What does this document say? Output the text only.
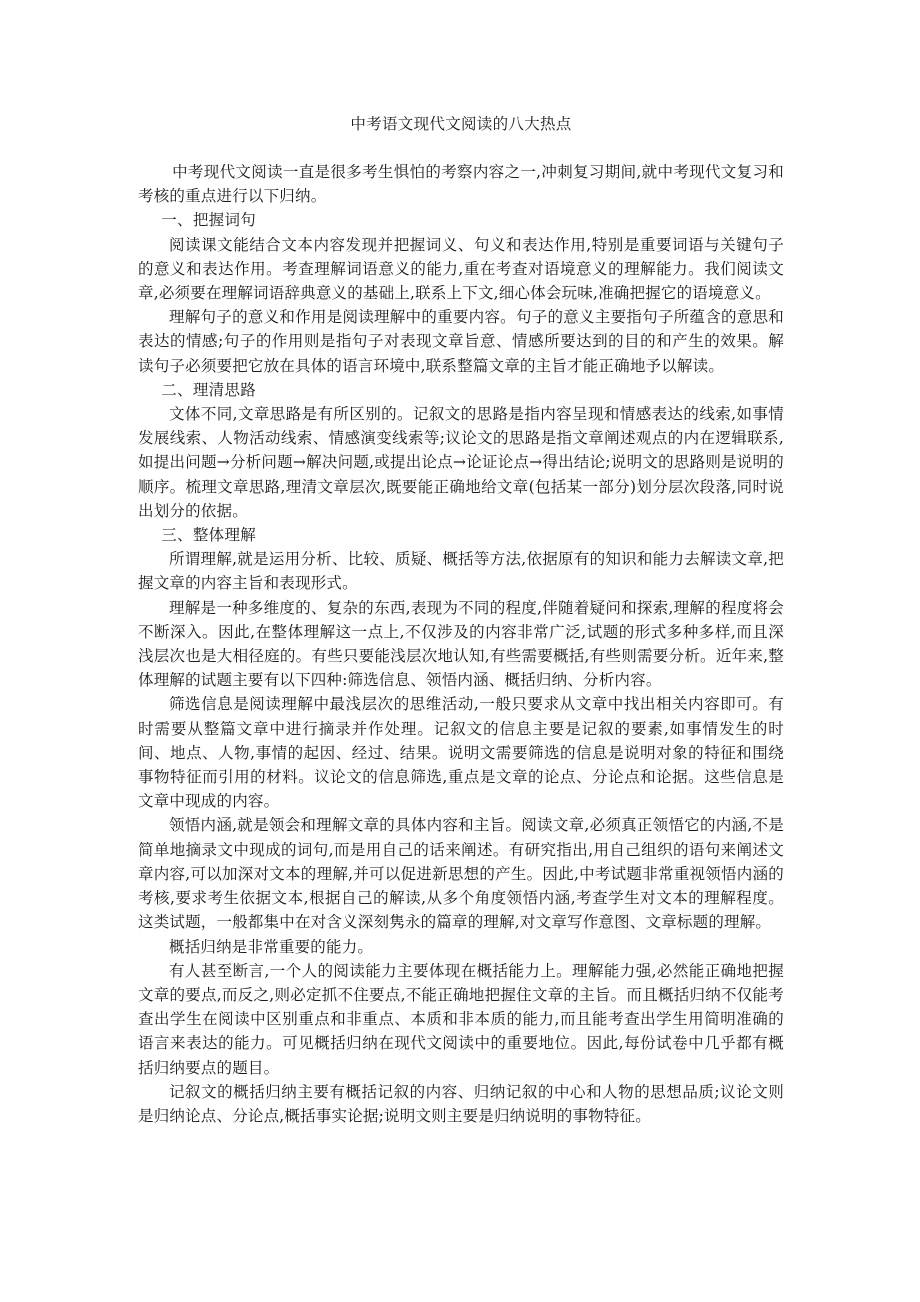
中考语文现代文阅读的八大热点

中考现代文阅读一直是很多考生惧怕的考察内容之一,冲刺复习期间,就中考现代文复习和考核的重点进行以下归纳。

一、把握词句

阅读课文能结合文本内容发现并把握词义、句义和表达作用,特别是重要词语与关键句子的意义和表达作用。考查理解词语意义的能力,重在考查对语境意义的理解能力。我们阅读文章,必须要在理解词语辞典意义的基础上,联系上下文,细心体会玩味,准确把握它的语境意义。

理解句子的意义和作用是阅读理解中的重要内容。句子的意义主要指句子所蕴含的意思和表达的情感;句子的作用则是指句子对表现文章旨意、情感所要达到的目的和产生的效果。解读句子必须要把它放在具体的语言环境中,联系整篇文章的主旨才能正确地予以解读。

二、理清思路

文体不同,文章思路是有所区别的。记叙文的思路是指内容呈现和情感表达的线索,如事情发展线索、人物活动线索、情感演变线索等;议论文的思路是指文章阐述观点的内在逻辑联系,如提出问题→分析问题→解决问题,或提出论点→论证论点→得出结论;说明文的思路则是说明的顺序。梳理文章思路,理清文章层次,既要能正确地给文章(包括某一部分)划分层次段落,同时说出划分的依据。

三、整体理解

所谓理解,就是运用分析、比较、质疑、概括等方法,依据原有的知识和能力去解读文章,把握文章的内容主旨和表现形式。

理解是一种多维度的、复杂的东西,表现为不同的程度,伴随着疑问和探索,理解的程度将会不断深入。因此,在整体理解这一点上,不仅涉及的内容非常广泛,试题的形式多种多样,而且深浅层次也是大相径庭的。有些只要能浅层次地认知,有些需要概括,有些则需要分析。近年来,整体理解的试题主要有以下四种:筛选信息、领悟内涵、概括归纳、分析内容。

筛选信息是阅读理解中最浅层次的思维活动,一般只要求从文章中找出相关内容即可。有时需要从整篇文章中进行摘录并作处理。记叙文的信息主要是记叙的要素,如事情发生的时间、地点、人物,事情的起因、经过、结果。说明文需要筛选的信息是说明对象的特征和围绕事物特征而引用的材料。议论文的信息筛选,重点是文章的论点、分论点和论据。这些信息是文章中现成的内容。

领悟内涵,就是领会和理解文章的具体内容和主旨。阅读文章,必须真正领悟它的内涵,不是简单地摘录文中现成的词句,而是用自己的话来阐述。有研究指出,用自己组织的语句来阐述文章内容,可以加深对文本的理解,并可以促进新思想的产生。因此,中考试题非常重视领悟内涵的考核,要求考生依据文本,根据自己的解读,从多个角度领悟内涵,考查学生对文本的理解程度。这类试题，一般都集中在对含义深刻隽永的篇章的理解,对文章写作意图、文章标题的理解。

概括归纳是非常重要的能力。

有人甚至断言,一个人的阅读能力主要体现在概括能力上。理解能力强,必然能正确地把握文章的要点,而反之,则必定抓不住要点,不能正确地把握住文章的主旨。而且概括归纳不仅能考查出学生在阅读中区别重点和非重点、本质和非本质的能力,而且能考查出学生用简明准确的语言来表达的能力。可见概括归纳在现代文阅读中的重要地位。因此,每份试卷中几乎都有概括归纳要点的题目。

记叙文的概括归纳主要有概括记叙的内容、归纳记叙的中心和人物的思想品质;议论文则是归纳论点、分论点,概括事实论据;说明文则主要是归纳说明的事物特征。
